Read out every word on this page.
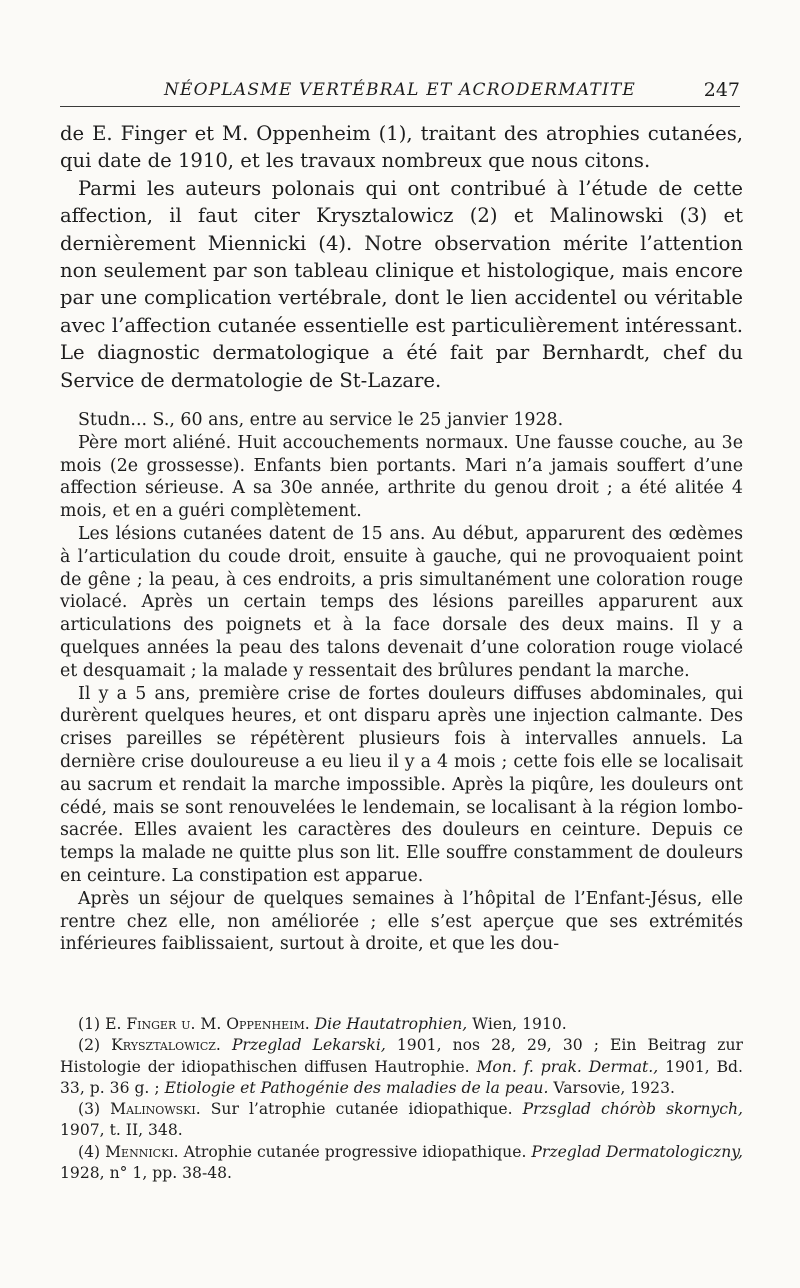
NÉOPLASME VERTÉBRAL ET ACRODERMATITE	247

de E. Finger et M. Oppenheim (1), traitant des atrophies cutanées, qui date de 1910, et les travaux nombreux que nous citons.

Parmi les auteurs polonais qui ont contribué à l’étude de cette affection, il faut citer Krysztalowicz (2) et Malinowski (3) et dernièrement Miennicki (4). Notre observation mérite l’attention non seulement par son tableau clinique et histologique, mais encore par une complication vertébrale, dont le lien accidentel ou véritable avec l’affection cutanée essentielle est particulièrement intéressant. Le diagnostic dermatologique a été fait par Bernhardt, chef du Service de dermatologie de St-Lazare.

Studn... S., 60 ans, entre au service le 25 janvier 1928.

Père mort aliéné. Huit accouchements normaux. Une fausse couche, au 3e mois (2e grossesse). Enfants bien portants. Mari n’a jamais souffert d’une affection sérieuse. A sa 30e année, arthrite du genou droit ; a été alitée 4 mois, et en a guéri complètement.

Les lésions cutanées datent de 15 ans. Au début, apparurent des œdèmes à l’articulation du coude droit, ensuite à gauche, qui ne provoquaient point de gêne ; la peau, à ces endroits, a pris simultanément une coloration rouge violacé. Après un certain temps des lésions pareilles apparurent aux articulations des poignets et à la face dorsale des deux mains. Il y a quelques années la peau des talons devenait d’une coloration rouge violacé et desquamait ; la malade y ressentait des brûlures pendant la marche.

Il y a 5 ans, première crise de fortes douleurs diffuses abdominales, qui durèrent quelques heures, et ont disparu après une injection calmante. Des crises pareilles se répétèrent plusieurs fois à intervalles annuels. La dernière crise douloureuse a eu lieu il y a 4 mois ; cette fois elle se localisait au sacrum et rendait la marche impossible. Après la piqûre, les douleurs ont cédé, mais se sont renouvelées le lendemain, se localisant à la région lombo-sacrée. Elles avaient les caractères des douleurs en ceinture. Depuis ce temps la malade ne quitte plus son lit. Elle souffre constamment de douleurs en ceinture. La constipation est apparue.

Après un séjour de quelques semaines à l’hôpital de l’Enfant-Jésus, elle rentre chez elle, non améliorée ; elle s’est aperçue que ses extrémités inférieures faiblissaient, surtout à droite, et que les dou-

(1) E. Finger u. M. Oppenheim. Die Hautatrophien, Wien, 1910.

(2) Krysztalowicz. Przeglad Lekarski, 1901, nos 28, 29, 30 ; Ein Beitrag zur Histologie der idiopathischen diffusen Hautrophie. Mon. f. prak. Dermat., 1901, Bd. 33, p. 36 g. ; Etiologie et Pathogénie des maladies de la peau. Varsovie, 1923.

(3) Malinowski. Sur l’atrophie cutanée idiopathique. Przsglad chóròb skornych, 1907, t. II, 348.

(4) Mennicki. Atrophie cutanée progressive idiopathique. Przeglad Dermatologiczny, 1928, n° 1, pp. 38-48.
